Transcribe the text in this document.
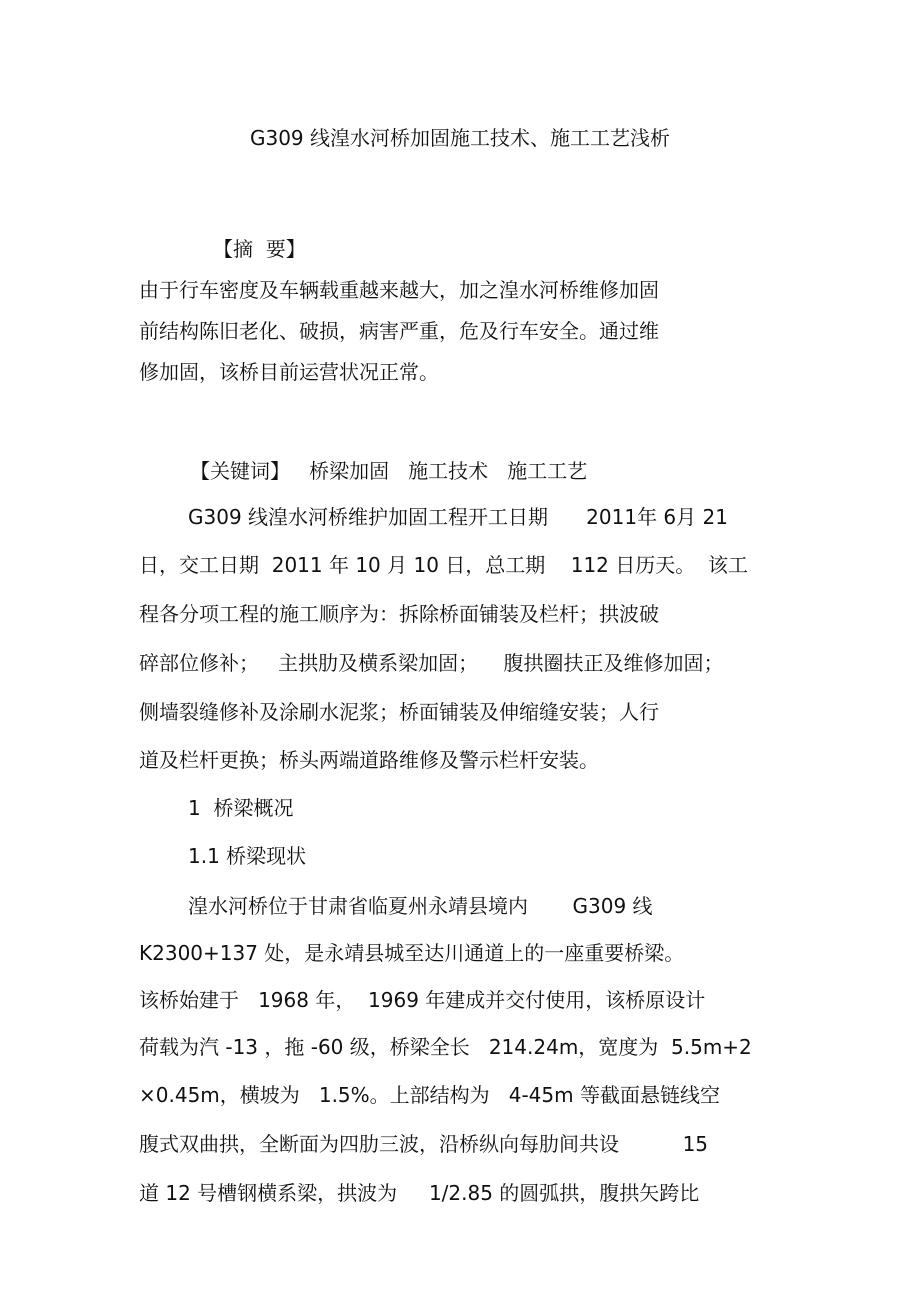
G309 线湟水河桥加固施工技术、施工工艺浅析

【摘  要】

由于行车密度及车辆载重越来越大，加之湟水河桥维修加固

前结构陈旧老化、破损，病害严重，危及行车安全。通过维

修加固，该桥目前运营状况正常。

【关键词】   桥梁加固   施工技术   施工工艺

G309 线湟水河桥维护加固工程开工日期      2011年 6月 21

日，交工日期  2011 年 10 月 10 日，总工期    112 日历天。  该工

程各分项工程的施工顺序为：拆除桥面铺装及栏杆；拱波破

碎部位修补；   主拱肋及横系梁加固；    腹拱圈扶正及维修加固；

侧墙裂缝修补及涂刷水泥浆；桥面铺装及伸缩缝安装；人行

道及栏杆更换；桥头两端道路维修及警示栏杆安装。

1  桥梁概况

1.1 桥梁现状

湟水河桥位于甘肃省临夏州永靖县境内       G309 线

K2300+137 处，是永靖县城至达川通道上的一座重要桥梁。

该桥始建于   1968 年，  1969 年建成并交付使用，该桥原设计

荷载为汽 -13 ，拖 -60 级，桥梁全长   214.24m，宽度为  5.5m+2

×0.45m，横坡为   1.5%。上部结构为   4-45m 等截面悬链线空

腹式双曲拱，全断面为四肋三波，沿桥纵向每肋间共设          15

道 12 号槽钢横系梁，拱波为     1/2.85 的圆弧拱，腹拱矢跨比
